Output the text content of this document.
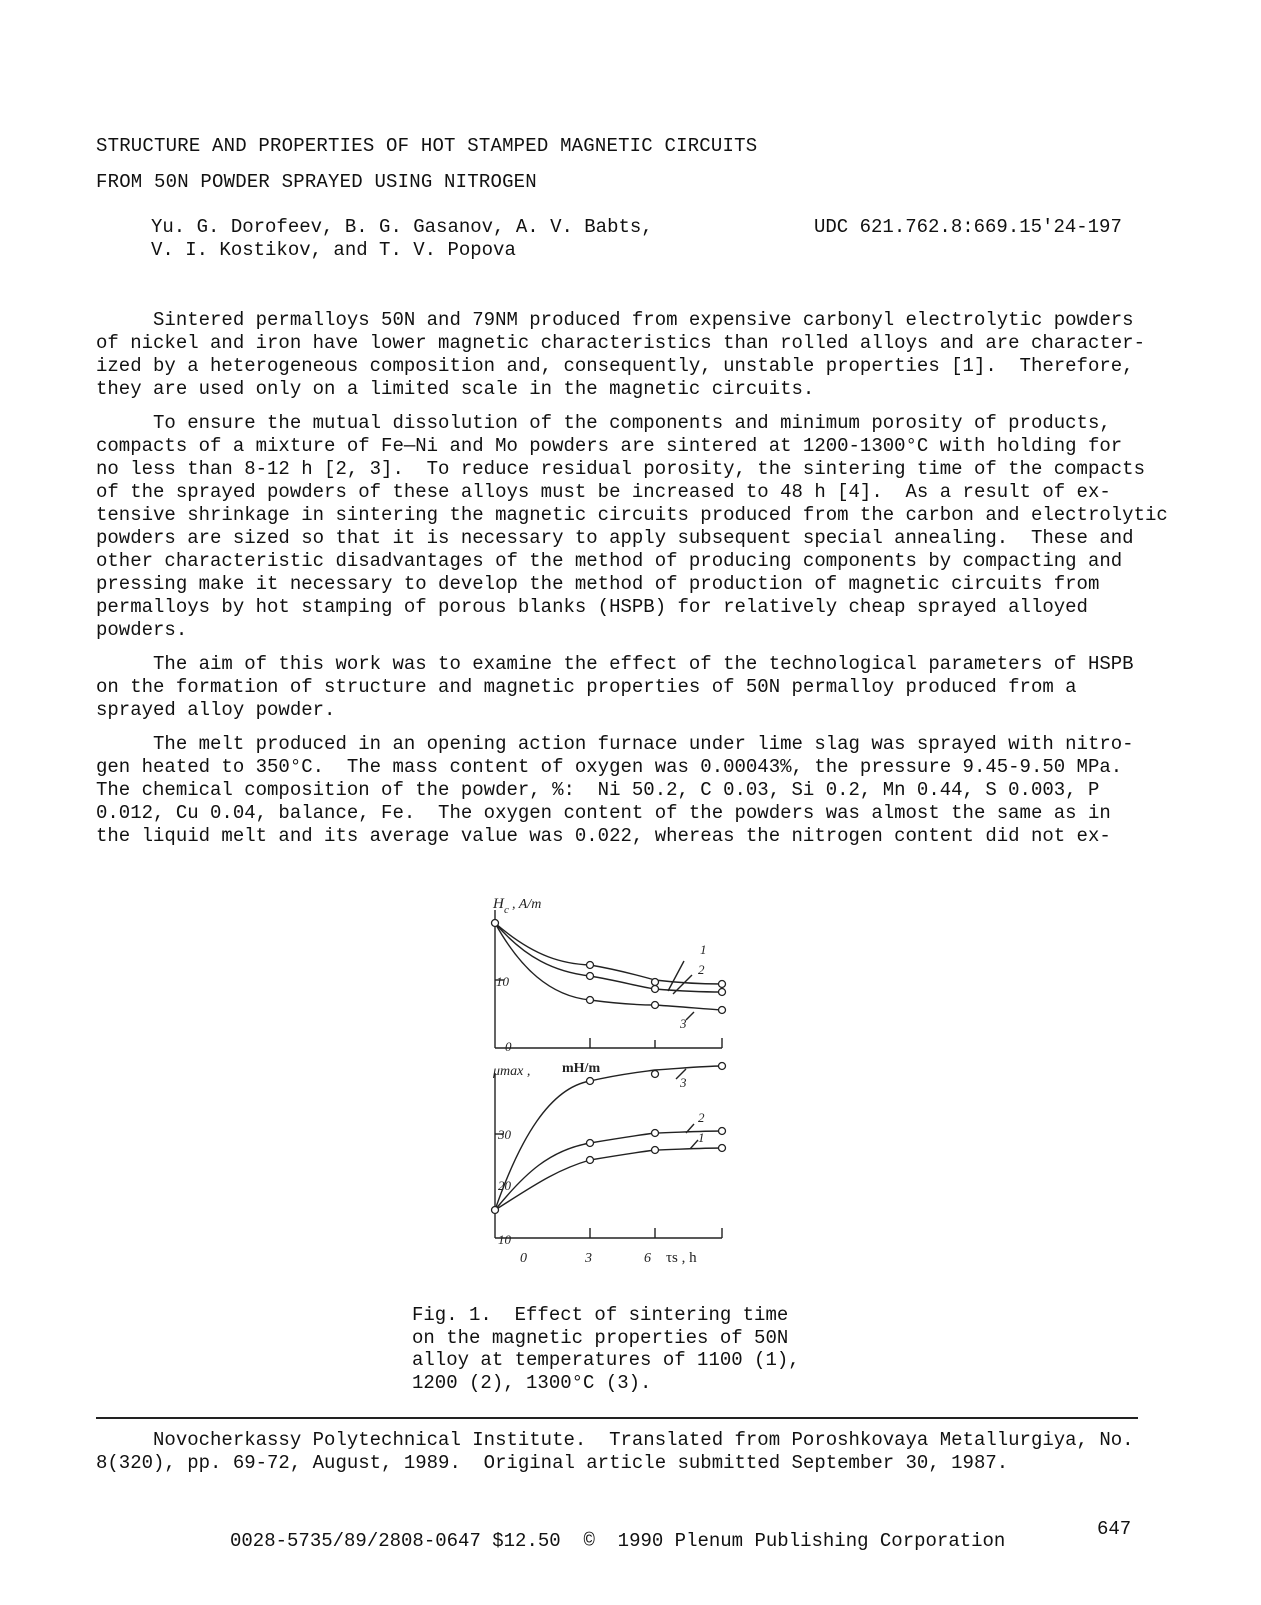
STRUCTURE AND PROPERTIES OF HOT STAMPED MAGNETIC CIRCUITS
FROM 50N POWDER SPRAYED USING NITROGEN
Yu. G. Dorofeev, B. G. Gasanov, A. V. Babts,
V. I. Kostikov, and T. V. Popova
UDC 621.762.8:669.15'24-197
Sintered permalloys 50N and 79NM produced from expensive carbonyl electrolytic powders
of nickel and iron have lower magnetic characteristics than rolled alloys and are character-
ized by a heterogeneous composition and, consequently, unstable properties [1].  Therefore,
they are used only on a limited scale in the magnetic circuits.
To ensure the mutual dissolution of the components and minimum porosity of products,
compacts of a mixture of Fe—Ni and Mo powders are sintered at 1200-1300°C with holding for
no less than 8-12 h [2, 3].  To reduce residual porosity, the sintering time of the compacts
of the sprayed powders of these alloys must be increased to 48 h [4].  As a result of ex-
tensive shrinkage in sintering the magnetic circuits produced from the carbon and electrolytic
powders are sized so that it is necessary to apply subsequent special annealing.  These and
other characteristic disadvantages of the method of producing components by compacting and
pressing make it necessary to develop the method of production of magnetic circuits from
permalloys by hot stamping of porous blanks (HSPB) for relatively cheap sprayed alloyed
powders.
The aim of this work was to examine the effect of the technological parameters of HSPB
on the formation of structure and magnetic properties of 50N permalloy produced from a
sprayed alloy powder.
The melt produced in an opening action furnace under lime slag was sprayed with nitro-
gen heated to 350°C.  The mass content of oxygen was 0.00043%, the pressure 9.45-9.50 MPa.
The chemical composition of the powder, %:  Ni 50.2, C 0.03, Si 0.2, Mn 0.44, S 0.003, P
0.012, Cu 0.04, balance, Fe.  The oxygen content of the powders was almost the same as in
the liquid melt and its average value was 0.022, whereas the nitrogen content did not ex-
H c , A/m
10
0
1
2
3
μmax , mH/m
30
20
10
3
2
1
0	3	6 τs , h
Fig. 1.  Effect of sintering time
on the magnetic properties of 50N
alloy at temperatures of 1100 (1),
1200 (2), 1300°C (3).
Novocherkassy Polytechnical Institute.  Translated from Poroshkovaya Metallurgiya, No.
8(320), pp. 69-72, August, 1989.  Original article submitted September 30, 1987.
647
0028-5735/89/2808-0647 $12.50  ©  1990 Plenum Publishing Corporation
